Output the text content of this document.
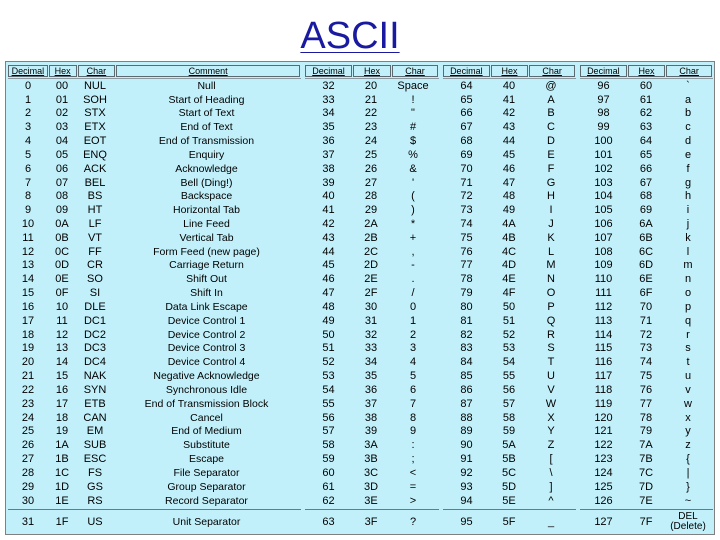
ASCII
Decimal	Hex	Char	Comment
0	00	NUL	Null
1	01	SOH	Start of Heading
2	02	STX	Start of Text
3	03	ETX	End of Text
4	04	EOT	End of Transmission
5	05	ENQ	Enquiry
6	06	ACK	Acknowledge
7	07	BEL	Bell (Ding!)
8	08	BS	Backspace
9	09	HT	Horizontal Tab
10	0A	LF	Line Feed
11	0B	VT	Vertical Tab
12	0C	FF	Form Feed (new page)
13	0D	CR	Carriage Return
14	0E	SO	Shift Out
15	0F	SI	Shift In
16	10	DLE	Data Link Escape
17	11	DC1	Device Control 1
18	12	DC2	Device Control 2
19	13	DC3	Device Control 3
20	14	DC4	Device Control 4
21	15	NAK	Negative Acknowledge
22	16	SYN	Synchronous Idle
23	17	ETB	End of Transmission Block
24	18	CAN	Cancel
25	19	EM	End of Medium
26	1A	SUB	Substitute
27	1B	ESC	Escape
28	1C	FS	File Separator
29	1D	GS	Group Separator
30	1E	RS	Record Separator
31	1F	US	Unit Separator
Decimal	Hex	Char
32	20	Space
33	21	!
34	22	"
35	23	#
36	24	$
37	25	%
38	26	&
39	27	'
40	28	(
41	29	)
42	2A	*
43	2B	+
44	2C	,
45	2D	-
46	2E	.
47	2F	/
48	30	0
49	31	1
50	32	2
51	33	3
52	34	4
53	35	5
54	36	6
55	37	7
56	38	8
57	39	9
58	3A	:
59	3B	;
60	3C	<
61	3D	=
62	3E	>
63	3F	?
Decimal	Hex	Char
64	40	@
65	41	A
66	42	B
67	43	C
68	44	D
69	45	E
70	46	F
71	47	G
72	48	H
73	49	I
74	4A	J
75	4B	K
76	4C	L
77	4D	M
78	4E	N
79	4F	O
80	50	P
81	51	Q
82	52	R
83	53	S
84	54	T
85	55	U
86	56	V
87	57	W
88	58	X
89	59	Y
90	5A	Z
91	5B	[
92	5C	\
93	5D	]
94	5E	^
95	5F	_
Decimal	Hex	Char
96	60	`
97	61	a
98	62	b
99	63	c
100	64	d
101	65	e
102	66	f
103	67	g
104	68	h
105	69	i
106	6A	j
107	6B	k
108	6C	l
109	6D	m
110	6E	n
111	6F	o
112	70	p
113	71	q
114	72	r
115	73	s
116	74	t
117	75	u
118	76	v
119	77	w
120	78	x
121	79	y
122	7A	z
123	7B	{
124	7C	|
125	7D	}
126	7E	~
127	7F	DEL (Delete)
